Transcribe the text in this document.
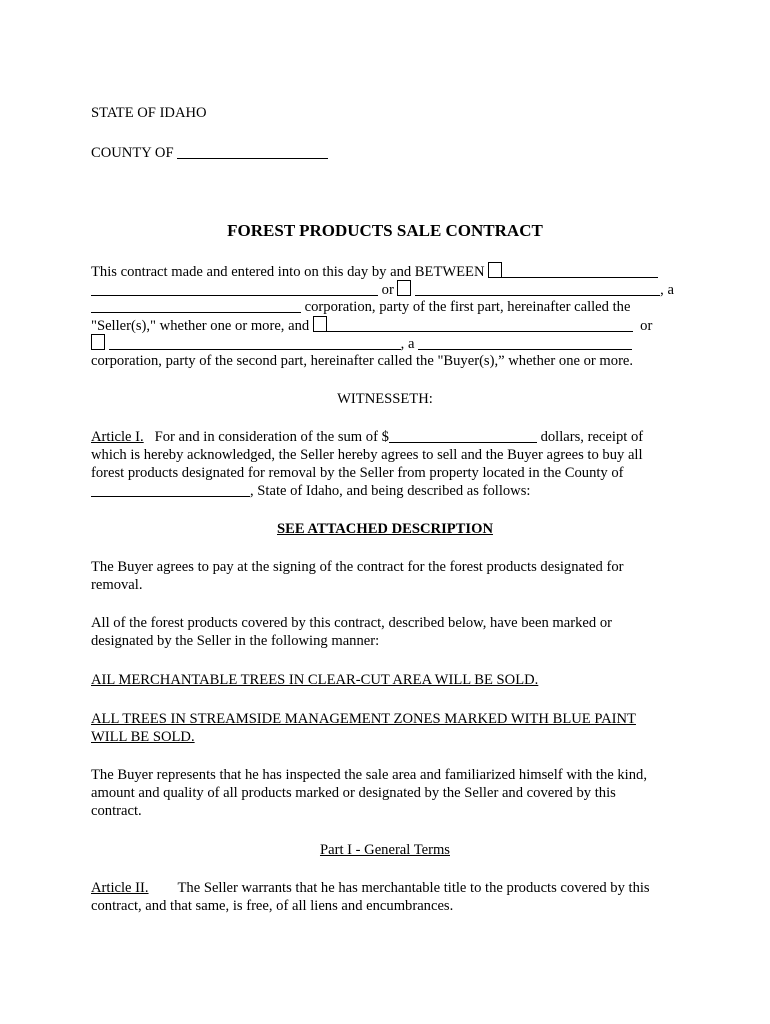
STATE OF IDAHO
COUNTY OF
FOREST PRODUCTS SALE CONTRACT
This contract made and entered into on this day by and BETWEEN
or	, a
corporation, party of the first part, hereinafter called the
"Seller(s)," whether one or more, and	or
, a
corporation, party of the second part, hereinafter called the "Buyer(s),” whether one or more.
WITNESSETH:
Article I. For and in consideration of the sum of $	dollars, receipt of
which is hereby acknowledged, the Seller hereby agrees to sell and the Buyer agrees to buy all
forest products designated for removal by the Seller from property located in the County of
, State of Idaho, and being described as follows:
SEE ATTACHED DESCRIPTION
The Buyer agrees to pay at the signing of the contract for the forest products designated for
removal.
All of the forest products covered by this contract, described below, have been marked or
designated by the Seller in the following manner:
AIL MERCHANTABLE TREES IN CLEAR-CUT AREA WILL BE SOLD.
ALL TREES IN STREAMSIDE MANAGEMENT ZONES MARKED WITH BLUE PAINT
WILL BE SOLD.
The Buyer represents that he has inspected the sale area and familiarized himself with the kind,
amount and quality of all products marked or designated by the Seller and covered by this
contract.
Part I - General Terms
Article II. The Seller warrants that he has merchantable title to the products covered by this
contract, and that same, is free, of all liens and encumbrances.
